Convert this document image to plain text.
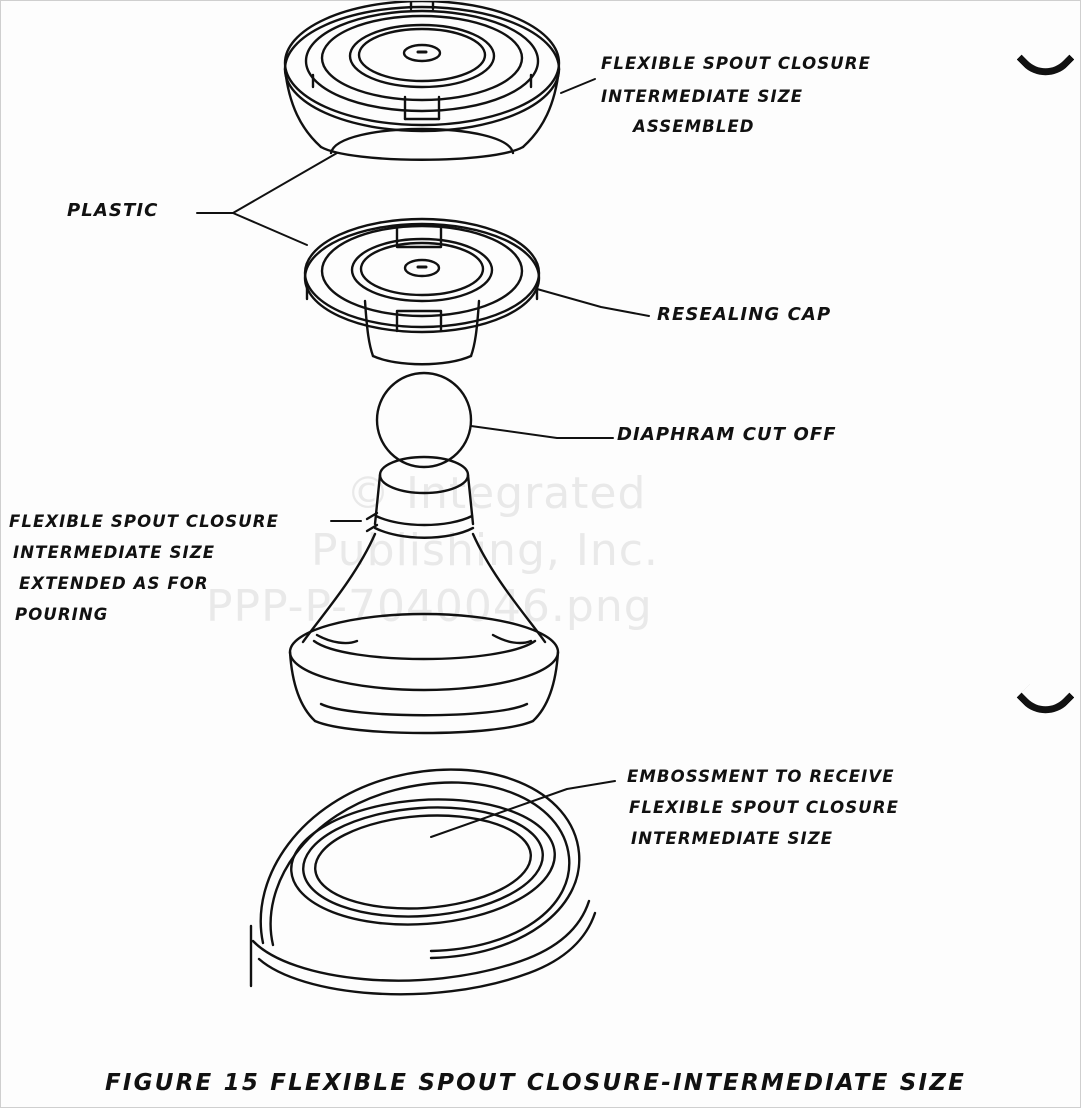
© Integrated
Publishing, Inc.
PPP-P-7040046.png
FLEXIBLE SPOUT CLOSURE
INTERMEDIATE SIZE
ASSEMBLED
PLASTIC
RESEALING CAP
DIAPHRAM CUT OFF
FLEXIBLE SPOUT CLOSURE
INTERMEDIATE SIZE
EXTENDED AS FOR
POURING
EMBOSSMENT TO RECEIVE
FLEXIBLE SPOUT CLOSURE
INTERMEDIATE SIZE
FIGURE 15 FLEXIBLE SPOUT CLOSURE-INTERMEDIATE SIZE
